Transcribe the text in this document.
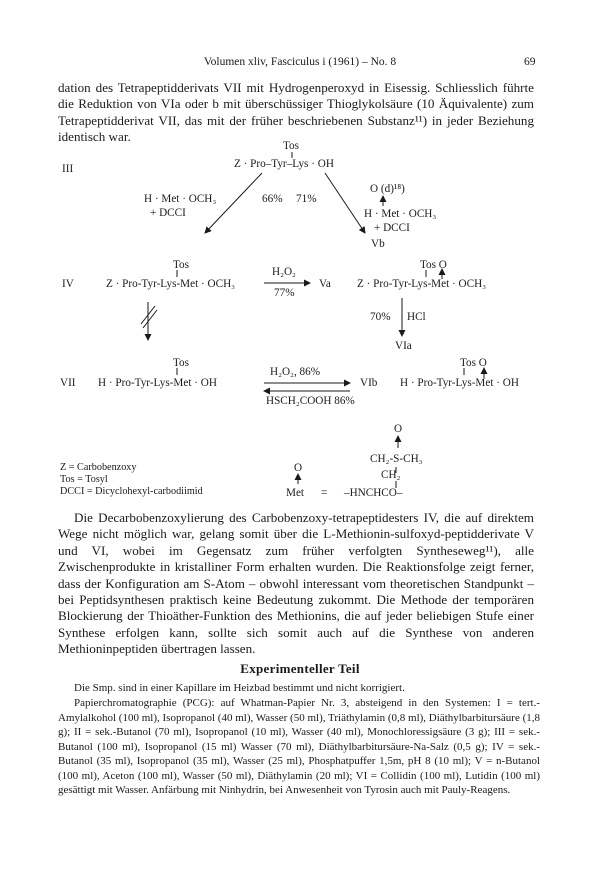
Volumen xliv, Fasciculus i (1961) – No. 8	69
dation des Tetrapeptidderivats VII mit Hydrogenperoxyd in Eisessig. Schliesslich führte die Reduktion von VIa oder b mit überschüssiger Thioglykolsäure (10 Äquivalente) zum Tetrapeptidderivat VII, das mit der früher beschriebenen Substanz¹¹) in jeder Beziehung identisch war.
III
Tos
Z · Pro–Tyr–Lys · OH
H · Met · OCH₃
+ DCCI
66% 71%
O (d)¹⁸)
H · Met · OCH₃
+ DCCI
Vb
Tos
IV	Z · Pro-Tyr-Lys-Met · OCH₃
H₂O₂
77%
Va
Tos O
Z · Pro-Tyr-Lys-Met · OCH₃
70% HCl
VIa
Tos
VII H · Pro-Tyr-Lys-Met · OH
H₂O₂, 86%
VIb
HSCH₂COOH 86%
Tos O
H · Pro-Tyr-Lys-Met · OH
O
CH₂-S-CH₃
CH₂
O
Met = –HNCHCO–
Z = Carbobenzoxy
Tos = Tosyl
DCCI = Dicyclohexyl-carbodiimid
Die Decarbobenzoxylierung des Carbobenzoxy-tetrapeptidesters IV, die auf direktem Wege nicht möglich war, gelang somit über die L-Methionin-sulfoxyd-peptidderivate V und VI, wobei im Gegensatz zum früher verfolgten Syntheseweg¹¹), alle Zwischenprodukte in kristalliner Form erhalten wurden. Die Reaktionsfolge zeigt ferner, dass der Konfiguration am S-Atom – obwohl interessant vom theoretischen Standpunkt – bei Peptidsynthesen praktisch keine Bedeutung zukommt. Die Methode der temporären Blockierung der Thioäther-Funktion des Methionins, die auf jeder beliebigen Stufe einer Synthese erfolgen kann, sollte sich somit auch auf die Synthese von anderen Methioninpeptiden übertragen lassen.
Experimenteller Teil
Die Smp. sind in einer Kapillare im Heizbad bestimmt und nicht korrigiert.
Papierchromatographie (PCG): auf Whatman-Papier Nr. 3, absteigend in den Systemen: I = tert.-Amylalkohol (100 ml), Isopropanol (40 ml), Wasser (50 ml), Triäthylamin (0,8 ml), Diäthylbarbitursäure (1,8 g); II = sek.-Butanol (70 ml), Isopropanol (10 ml), Wasser (40 ml), Monochloressigsäure (3 g); III = sek.-Butanol (100 ml), Isopropanol (15 ml) Wasser (70 ml), Diäthylbarbitursäure-Na-Salz (0,5 g); IV = sek.-Butanol (35 ml), Isopropanol (35 ml), Wasser (25 ml), Phosphatpuffer 1,5m, pH 8 (10 ml); V = n-Butanol (100 ml), Aceton (100 ml), Wasser (50 ml), Diäthylamin (20 ml); VI = Collidin (100 ml), Lutidin (100 ml) gesättigt mit Wasser. Anfärbung mit Ninhydrin, bei Anwesenheit von Tyrosin auch mit Pauly-Reagens.
